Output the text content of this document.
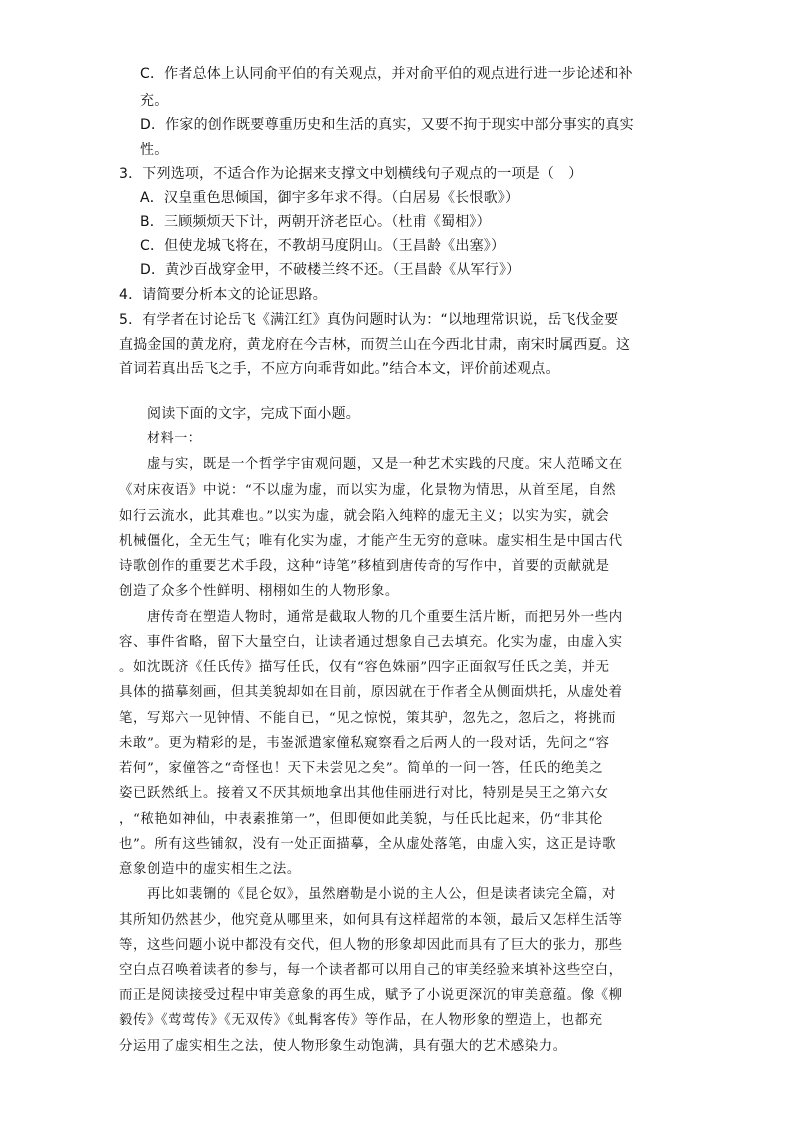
C．作者总体上认同俞平伯的有关观点，并对俞平伯的观点进行进一步论述和补
充。
D．作家的创作既要尊重历史和生活的真实，又要不拘于现实中部分事实的真实
性。
3．下列选项，不适合作为论据来支撑文中划横线句子观点的一项是（　）
A．汉皇重色思倾国，御宇多年求不得。（白居易《长恨歌》）
B．三顾频烦天下计，两朝开济老臣心。（杜甫《蜀相》）
C．但使龙城飞将在，不教胡马度阴山。（王昌龄《出塞》）
D．黄沙百战穿金甲，不破楼兰终不还。（王昌龄《从军行》）
4．请简要分析本文的论证思路。
5．有学者在讨论岳飞《满江红》真伪问题时认为：“以地理常识说，岳飞伐金要
直捣金国的黄龙府，黄龙府在今吉林，而贺兰山在今西北甘肃，南宋时属西夏。这
首词若真出岳飞之手，不应方向乖背如此。”结合本文，评价前述观点。
阅读下面的文字，完成下面小题。
材料一：
虚与实，既是一个哲学宇宙观问题，又是一种艺术实践的尺度。宋人范晞文在
《对床夜语》中说：“不以虚为虚，而以实为虚，化景物为情思，从首至尾，自然
如行云流水，此其难也。”以实为虚，就会陷入纯粹的虚无主义；以实为实，就会
机械僵化，全无生气；唯有化实为虚，才能产生无穷的意味。虚实相生是中国古代
诗歌创作的重要艺术手段，这种“诗笔”移植到唐传奇的写作中，首要的贡献就是
创造了众多个性鲜明、栩栩如生的人物形象。
唐传奇在塑造人物时，通常是截取人物的几个重要生活片断，而把另外一些内
容、事件省略，留下大量空白，让读者通过想象自己去填充。化实为虚，由虚入实
。如沈既济《任氏传》描写任氏，仅有“容色姝丽”四字正面叙写任氏之美，并无
具体的描摹刻画，但其美貌却如在目前，原因就在于作者全从侧面烘托，从虚处着
笔，写郑六一见钟情、不能自已，“见之惊悦，策其驴，忽先之，忽后之，将挑而
未敢”。更为精彩的是，韦崟派遣家僮私窥察看之后两人的一段对话，先问之“容
若何”，家僮答之“奇怪也！天下未尝见之矣”。简单的一问一答，任氏的绝美之
姿已跃然纸上。接着又不厌其烦地拿出其他佳丽进行对比，特别是吴王之第六女
，“秾艳如神仙，中表素推第一”，但即便如此美貌，与任氏比起来，仍“非其伦
也”。所有这些铺叙，没有一处正面描摹，全从虚处落笔，由虚入实，这正是诗歌
意象创造中的虚实相生之法。
再比如裴铏的《昆仑奴》，虽然磨勒是小说的主人公，但是读者读完全篇，对
其所知仍然甚少，他究竟从哪里来，如何具有这样超常的本领，最后又怎样生活等
等，这些问题小说中都没有交代，但人物的形象却因此而具有了巨大的张力，那些
空白点召唤着读者的参与，每一个读者都可以用自己的审美经验来填补这些空白，
而正是阅读接受过程中审美意象的再生成，赋予了小说更深沉的审美意蕴。像《柳
毅传》《莺莺传》《无双传》《虬髯客传》等作品，在人物形象的塑造上，也都充
分运用了虚实相生之法，使人物形象生动饱满，具有强大的艺术感染力。
